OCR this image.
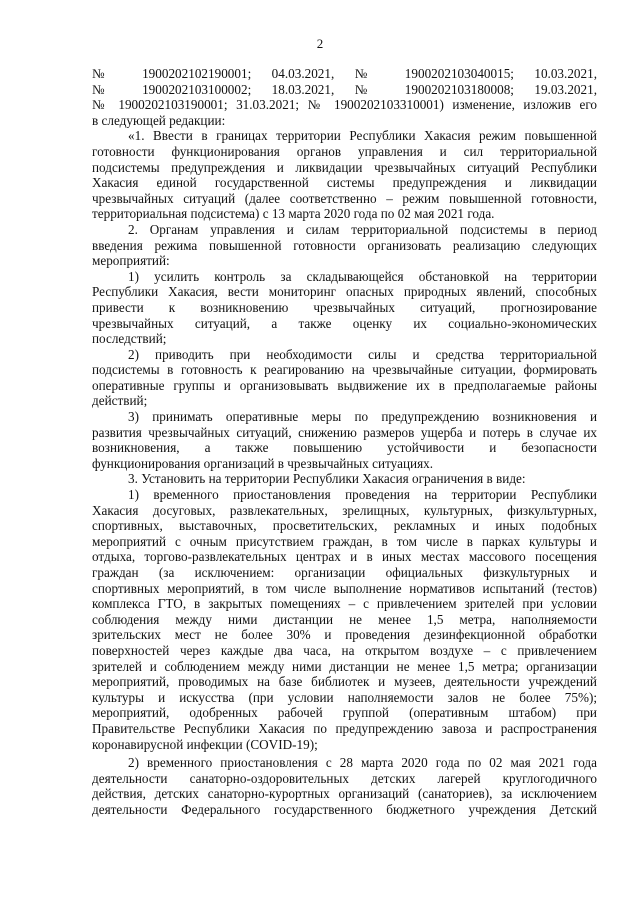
2
№ 1900202102190001; 04.03.2021, № 1900202103040015; 10.03.2021,
№ 1900202103100002; 18.03.2021, № 1900202103180008; 19.03.2021,
№ 1900202103190001; 31.03.2021; № 1900202103310001) изменение, изложив его
в следующей редакции:
«1. Ввести в границах территории Республики Хакасия режим повышенной
готовности функционирования органов управления и сил территориальной
подсистемы предупреждения и ликвидации чрезвычайных ситуаций Республики
Хакасия единой государственной системы предупреждения и ликвидации
чрезвычайных ситуаций (далее соответственно – режим повышенной готовности,
территориальная подсистема) с 13 марта 2020 года по 02 мая 2021 года.
2. Органам управления и силам территориальной подсистемы в период
введения режима повышенной готовности организовать реализацию следующих
мероприятий:
1) усилить контроль за складывающейся обстановкой на территории
Республики Хакасия, вести мониторинг опасных природных явлений, способных
привести к возникновению чрезвычайных ситуаций, прогнозирование
чрезвычайных ситуаций, а также оценку их социально-экономических
последствий;
2) приводить при необходимости силы и средства территориальной
подсистемы в готовность к реагированию на чрезвычайные ситуации, формировать
оперативные группы и организовывать выдвижение их в предполагаемые районы
действий;
3) принимать оперативные меры по предупреждению возникновения и
развития чрезвычайных ситуаций, снижению размеров ущерба и потерь в случае их
возникновения, а также повышению устойчивости и безопасности
функционирования организаций в чрезвычайных ситуациях.
3. Установить на территории Республики Хакасия ограничения в виде:
1) временного приостановления проведения на территории Республики
Хакасия досуговых, развлекательных, зрелищных, культурных, физкультурных,
спортивных, выставочных, просветительских, рекламных и иных подобных
мероприятий с очным присутствием граждан, в том числе в парках культуры и
отдыха, торгово-развлекательных центрах и в иных местах массового посещения
граждан (за исключением: организации официальных физкультурных и
спортивных мероприятий, в том числе выполнение нормативов испытаний (тестов)
комплекса ГТО, в закрытых помещениях – с привлечением зрителей при условии
соблюдения между ними дистанции не менее 1,5 метра, наполняемости
зрительских мест не более 30% и проведения дезинфекционной обработки
поверхностей через каждые два часа, на открытом воздухе – с привлечением
зрителей и соблюдением между ними дистанции не менее 1,5 метра; организации
мероприятий, проводимых на базе библиотек и музеев, деятельности учреждений
культуры и искусства (при условии наполняемости залов не более 75%);
мероприятий, одобренных рабочей группой (оперативным штабом) при
Правительстве Республики Хакасия по предупреждению завоза и распространения
коронавирусной инфекции (COVID-19);
2) временного приостановления с 28 марта 2020 года по 02 мая 2021 года
деятельности санаторно-оздоровительных детских лагерей круглогодичного
действия, детских санаторно-курортных организаций (санаториев), за исключением
деятельности Федерального государственного бюджетного учреждения Детский
